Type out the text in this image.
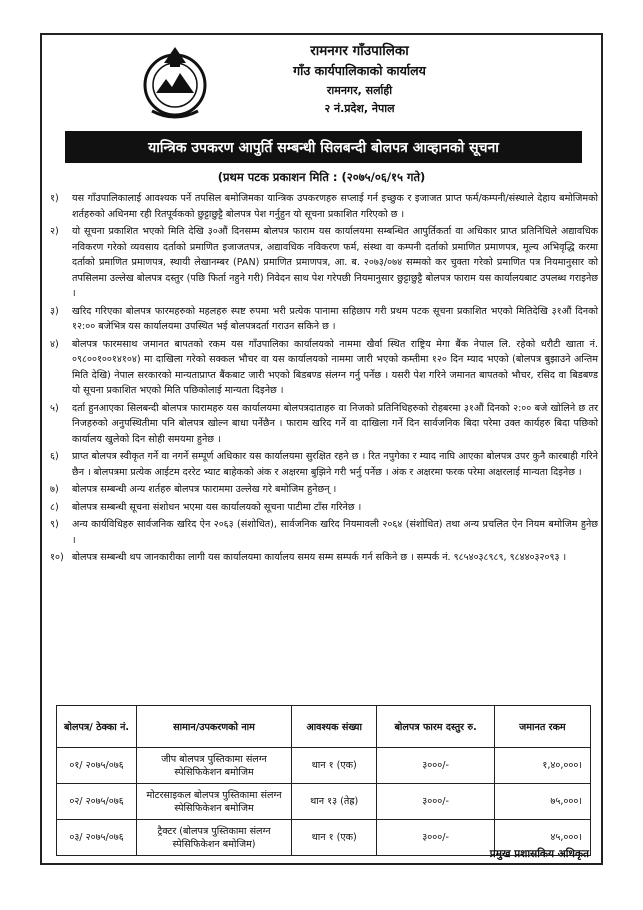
रामनगर गाँउपालिका
गाँउ कार्यपालिकाको कार्यालय
रामनगर, सर्लाही
२ नं.प्रदेश, नेपाल
यान्त्रिक उपकरण आपुर्ति सम्बन्धी सिलबन्दी बोलपत्र आव्हानको सूचना
(प्रथम पटक प्रकाशन मिति : (२०७५/०६/१५ गते)
१)	यस गाँउपालिकालाई आवश्यक पर्ने तपसिल बमोजिमका यान्त्रिक उपकरणहरु सप्लाई गर्न इच्छुक र इजाजत प्राप्त फर्म/कम्पनी/संस्थाले देहाय बमोजिमको शर्तहरुको अधिनमा रही रितपूर्वकको छुट्टाछुट्टै बोलपत्र पेश गर्नुहुन यो सूचना प्रकाशित गरिएको छ ।
२)	यो सूचना प्रकाशित भएको मिति देखि ३०औं दिनसम्म बोलपत्र फाराम यस कार्यालयमा सम्बन्धित आपुर्तिकर्ता वा अधिकार प्राप्त प्रतिनिधिले अद्यावधिक नविकरण गरेको व्यवसाय दर्ताको प्रमाणित इजाजतपत्र, अद्यावधिक नविकरण फर्म, संस्था वा कम्पनी दर्ताको प्रमाणित प्रमाणपत्र, मूल्य अभिवृद्धि करमा दर्ताको प्रमाणित प्रमाणपत्र, स्थायी लेखानम्बर (PAN) प्रमाणित प्रमाणपत्र, आ. ब. २०७३/०७४ सम्मको कर चुक्ता गरेको प्रमाणित पत्र नियमानुसार को तपसिलमा उल्लेख बोलपत्र दस्तुर (पछि फिर्ता नहुने गरी) निवेदन साथ पेश गरेपछी नियमानुसार छुट्टाछुट्टै बोलपत्र फाराम यस कार्यालयबाट उपलब्ध गराइनेछ ।
३)	खरिद गरिएका बोलपत्र फारमहरुको महलहरु स्पष्ट रुपमा भरी प्रत्येक पानामा सहिछाप गरी प्रथम पटक सूचना प्रकाशित भएको मितिदेखि ३१औं दिनको १२:०० बजेभित्र यस कार्यालयमा उपस्थित भई बोलपत्रदर्ता गराउन सकिने छ ।
४)	बोलपत्र फारमसाथ जमानत बापतको रकम यस गाँउपालिका कार्यालयको नाममा खैर्वा स्थित राष्ट्रिय मेगा बैंक नेपाल लि. रहेको धरौटी खाता नं. ०९८००१००१४१०४) मा दाखिला गरेको सक्कल भौचर वा यस कार्यालयको नाममा जारी भएको कम्तीमा १२० दिन म्याद भएको (बोलपत्र बुझाउने अन्तिम मिति देखि) नेपाल सरकारको मान्यताप्राप्त बैंकबाट जारी भएको बिडबण्ड संलग्न गर्नु पर्नेछ । यसरी पेश गरिने जमानत बापतको भौचर, रसिद वा बिडबण्ड यो सूचना प्रकाशित भएको मिति पछिकोलाई मान्यता दिइनेछ ।
५)	दर्ता हुनआएका सिलबन्दी बोलपत्र फारामहरु यस कार्यालयमा बोलपत्रदाताहरु वा निजको प्रतिनिधिहरुको रोहबरमा ३१औं दिनको २:०० बजे खोलिने छ तर निजहरुको अनुपस्थितीमा पनि बोलपत्र खोल्न बाधा पर्नेछैन । फाराम खरिद गर्ने वा दाखिला गर्ने दिन सार्वजनिक बिदा परेमा उक्त कार्यहरु बिदा पछिको कार्यालय खुलेको दिन सोही समयमा हुनेछ ।
६)	प्राप्त बोलपत्र स्वीकृत गर्ने वा नगर्ने सम्पूर्ण अधिकार यस कार्यालयमा सुरक्षित रहने छ । रित नपुगेका र म्याद नाघि आएका बोलपत्र उपर कुनै कारबाही गरिने छैन । बोलपत्रमा प्रत्येक आईटम दररेट भ्याट बाहेकको अंक र अक्षरमा बुझिने गरी भर्नु पर्नेछ । अंक र अक्षरमा फरक परेमा अक्षरलाई मान्यता दिइनेछ ।
७)	बोलपत्र सम्बन्धी अन्य शर्तहरु बोलपत्र फाराममा उल्लेख गरे बमोजिम हुनेछन् ।
८)	बोलपत्र सम्बन्धी सूचना संशोधन भएमा यस कार्यालयको सूचना पाटीमा टाँस गरिनेछ ।
९)	अन्य कार्यविधिहरु सार्वजनिक खरिद ऐन २०६३ (संशोधित), सार्वजनिक खरिद नियमावली २०६४ (संशोधित) तथा अन्य प्रचलित ऐन नियम बमोजिम हुनेछ ।
१०) बोलपत्र सम्बन्धी थप जानकारीका लागी यस कार्यालयमा कार्यालय समय सम्म सम्पर्क गर्न सकिने छ । सम्पर्क नं. ९८५४०३८९८९, ९८४४०३२०९३ ।
बोलपत्र/ ठेक्का नं.	सामान/उपकरणको नाम	आवश्यक संख्या	बोलपत्र फारम दस्तुर रु.	जमानत रकम
०१/ २०७५/०७६	जीप बोलपत्र पुस्तिकामा संलग्न स्पेसिफिकेशन बमोजिम	थान १ (एक)	३०००/-	१,४०,०००।
०२/ २०७५/०७६	मोटरसाइकल बोलपत्र पुस्तिकामा संलग्न स्पेसिफिकेशन बमोजिम	थान १३ (तेह्र)	३०००/-	७५,०००।
०३/ २०७५/०७६	ट्रैक्टर (बोलपत्र पुस्तिकामा संलग्न स्पेसिफिकेशन बमोजिम)	थान १ (एक)	३०००/-	४५,०००।
प्रमुख प्रशासकिय अधिकृत
